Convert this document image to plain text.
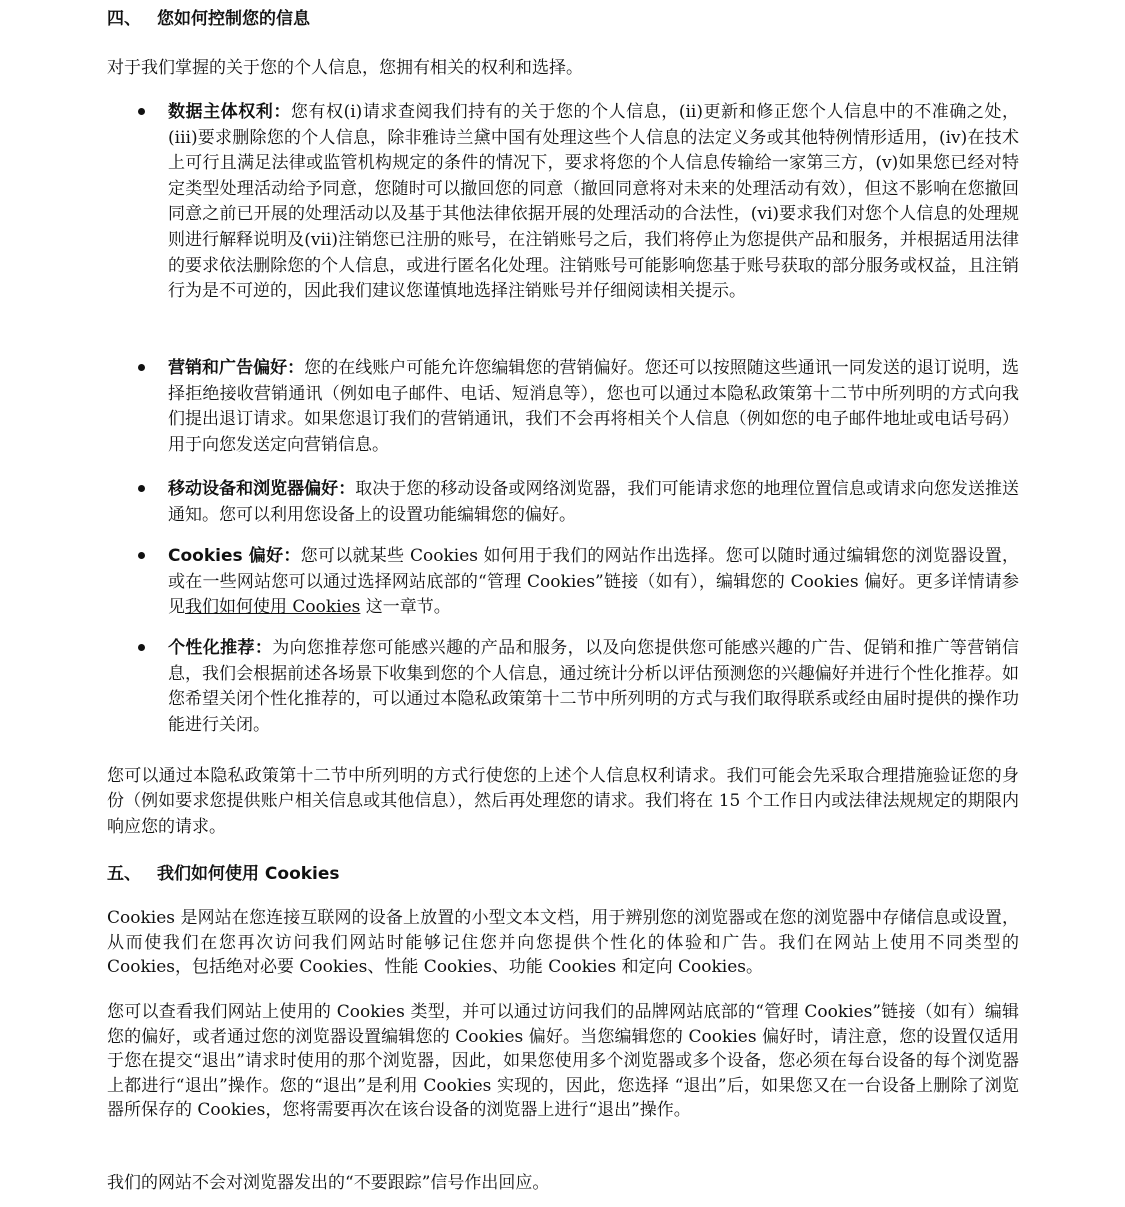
四、 您如何控制您的信息

对于我们掌握的关于您的个人信息，您拥有相关的权利和选择。

数据主体权利：您有权(i)请求查阅我们持有的关于您的个人信息，(ii)更新和修正您个人信息中的不准确之处，(iii)要求删除您的个人信息，除非雅诗兰黛中国有处理这些个人信息的法定义务或其他特例情形适用，(iv)在技术上可行且满足法律或监管机构规定的条件的情况下，要求将您的个人信息传输给一家第三方，(v)如果您已经对特定类型处理活动给予同意，您随时可以撤回您的同意（撤回同意将对未来的处理活动有效），但这不影响在您撤回同意之前已开展的处理活动以及基于其他法律依据开展的处理活动的合法性，(vi)要求我们对您个人信息的处理规则进行解释说明及(vii)注销您已注册的账号，在注销账号之后，我们将停止为您提供产品和服务，并根据适用法律的要求依法删除您的个人信息，或进行匿名化处理。注销账号可能影响您基于账号获取的部分服务或权益，且注销行为是不可逆的，因此我们建议您谨慎地选择注销账号并仔细阅读相关提示。

营销和广告偏好：您的在线账户可能允许您编辑您的营销偏好。您还可以按照随这些通讯一同发送的退订说明，选择拒绝接收营销通讯（例如电子邮件、电话、短消息等），您也可以通过本隐私政策第十二节中所列明的方式向我们提出退订请求。如果您退订我们的营销通讯，我们不会再将相关个人信息（例如您的电子邮件地址或电话号码）用于向您发送定向营销信息。

移动设备和浏览器偏好：取决于您的移动设备或网络浏览器，我们可能请求您的地理位置信息或请求向您发送推送通知。您可以利用您设备上的设置功能编辑您的偏好。

Cookies 偏好：您可以就某些 Cookies 如何用于我们的网站作出选择。您可以随时通过编辑您的浏览器设置，或在一些网站您可以通过选择网站底部的“管理 Cookies”链接（如有），编辑您的 Cookies 偏好。更多详情请参见我们如何使用 Cookies 这一章节。

个性化推荐：为向您推荐您可能感兴趣的产品和服务，以及向您提供您可能感兴趣的广告、促销和推广等营销信息，我们会根据前述各场景下收集到您的个人信息，通过统计分析以评估预测您的兴趣偏好并进行个性化推荐。如您希望关闭个性化推荐的，可以通过本隐私政策第十二节中所列明的方式与我们取得联系或经由届时提供的操作功能进行关闭。

您可以通过本隐私政策第十二节中所列明的方式行使您的上述个人信息权利请求。我们可能会先采取合理措施验证您的身份（例如要求您提供账户相关信息或其他信息），然后再处理您的请求。我们将在 15 个工作日内或法律法规规定的期限内响应您的请求。

五、 我们如何使用 Cookies

Cookies 是网站在您连接互联网的设备上放置的小型文本文档，用于辨别您的浏览器或在您的浏览器中存储信息或设置，从而使我们在您再次访问我们网站时能够记住您并向您提供个性化的体验和广告。我们在网站上使用不同类型的 Cookies，包括绝对必要 Cookies、性能 Cookies、功能 Cookies 和定向 Cookies。

您可以查看我们网站上使用的 Cookies 类型，并可以通过访问我们的品牌网站底部的“管理 Cookies”链接（如有）编辑您的偏好，或者通过您的浏览器设置编辑您的 Cookies 偏好。当您编辑您的 Cookies 偏好时，请注意，您的设置仅适用于您在提交“退出”请求时使用的那个浏览器，因此，如果您使用多个浏览器或多个设备，您必须在每台设备的每个浏览器上都进行“退出”操作。您的“退出”是利用 Cookies 实现的，因此，您选择 “退出”后，如果您又在一台设备上删除了浏览器所保存的 Cookies，您将需要再次在该台设备的浏览器上进行“退出”操作。

我们的网站不会对浏览器发出的“不要跟踪”信号作出回应。
